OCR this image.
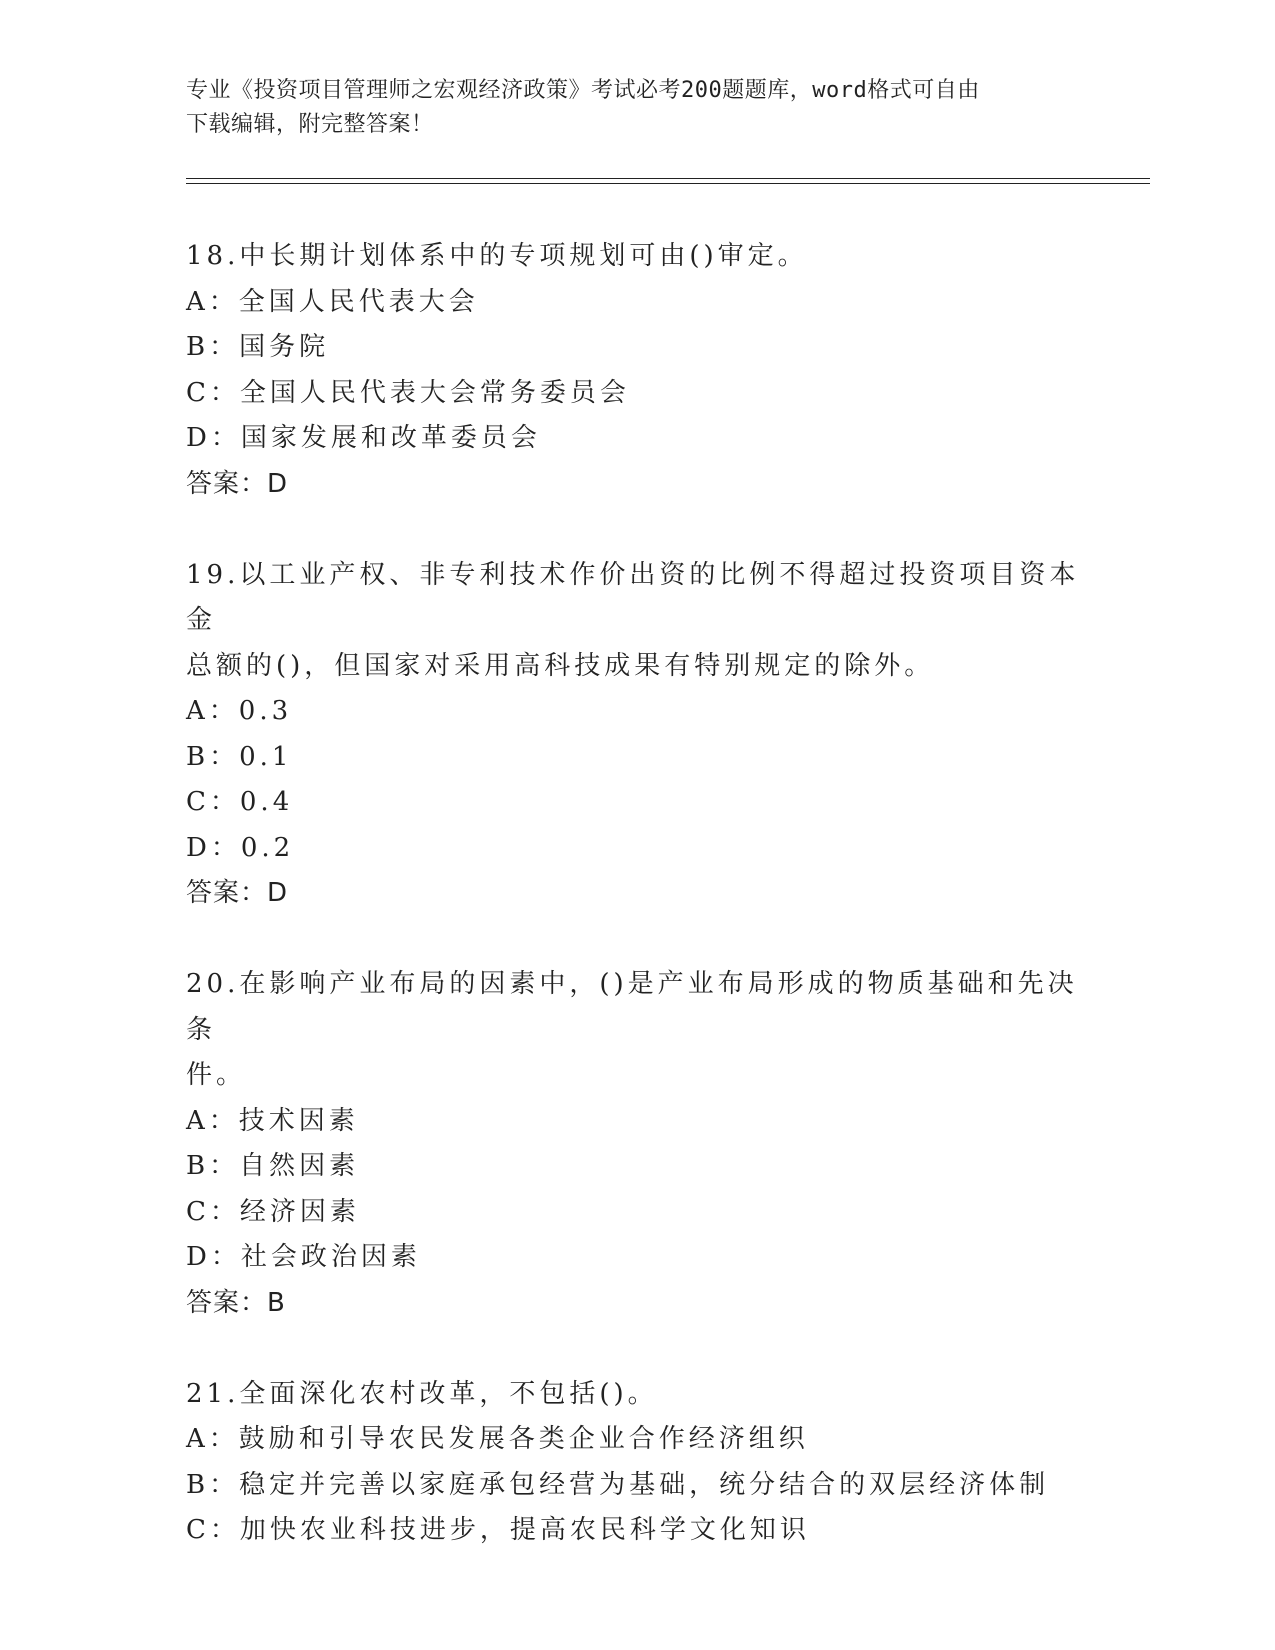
专业《投资项目管理师之宏观经济政策》考试必考200题题库，word格式可自由
下载编辑，附完整答案！
18.中长期计划体系中的专项规划可由()审定。
A：全国人民代表大会
B：国务院
C：全国人民代表大会常务委员会
D：国家发展和改革委员会
答案：D
19.以工业产权、非专利技术作价出资的比例不得超过投资项目资本金
总额的()，但国家对采用高科技成果有特别规定的除外。
A：0.3
B：0.1
C：0.4
D：0.2
答案：D
20.在影响产业布局的因素中，()是产业布局形成的物质基础和先决条
件。
A：技术因素
B：自然因素
C：经济因素
D：社会政治因素
答案：B
21.全面深化农村改革，不包括()。
A：鼓励和引导农民发展各类企业合作经济组织
B：稳定并完善以家庭承包经营为基础，统分结合的双层经济体制
C：加快农业科技进步，提高农民科学文化知识
